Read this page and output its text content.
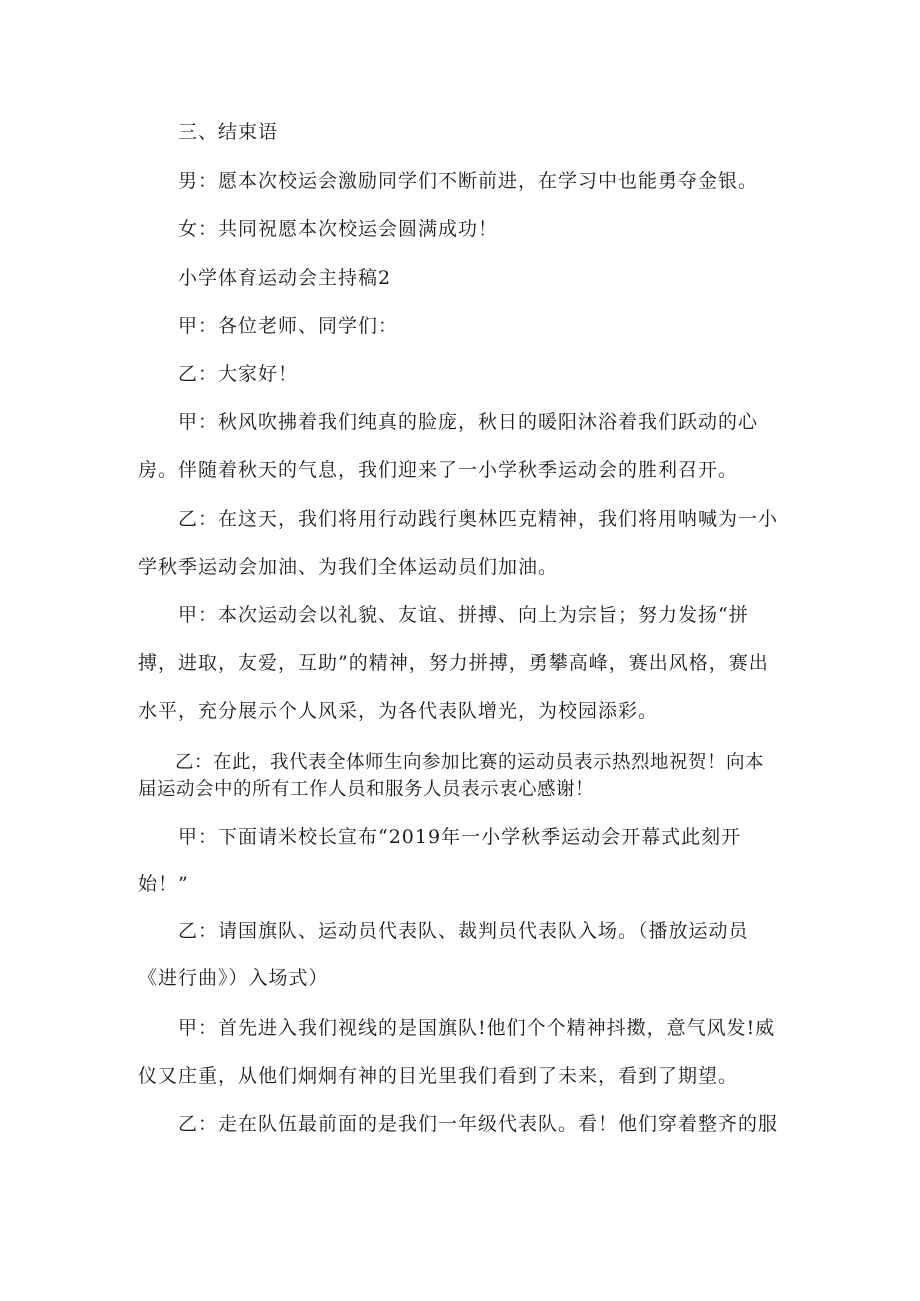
三、结束语
男：愿本次校运会激励同学们不断前进，在学习中也能勇夺金银。
女：共同祝愿本次校运会圆满成功！
小学体育运动会主持稿2
甲：各位老师、同学们：
乙：大家好！
甲：秋风吹拂着我们纯真的脸庞，秋日的暖阳沐浴着我们跃动的心
房。伴随着秋天的气息，我们迎来了一小学秋季运动会的胜利召开。
乙：在这天，我们将用行动践行奥林匹克精神，我们将用呐喊为一小
学秋季运动会加油、为我们全体运动员们加油。
甲：本次运动会以礼貌、友谊、拼搏、向上为宗旨；努力发扬“拼
搏，进取，友爱，互助”的精神，努力拼搏，勇攀高峰，赛出风格，赛出
水平，充分展示个人风采，为各代表队增光，为校园添彩。
乙：在此，我代表全体师生向参加比赛的运动员表示热烈地祝贺！向本
届运动会中的所有工作人员和服务人员表示衷心感谢！
甲：下面请米校长宣布“2019年一小学秋季运动会开幕式此刻开
始！”
乙：请国旗队、运动员代表队、裁判员代表队入场。（播放运动员
《进行曲》）入场式）
甲：首先进入我们视线的是国旗队!他们个个精神抖擞，意气风发!威
仪又庄重，从他们炯炯有神的目光里我们看到了未来，看到了期望。
乙：走在队伍最前面的是我们一年级代表队。看！他们穿着整齐的服
